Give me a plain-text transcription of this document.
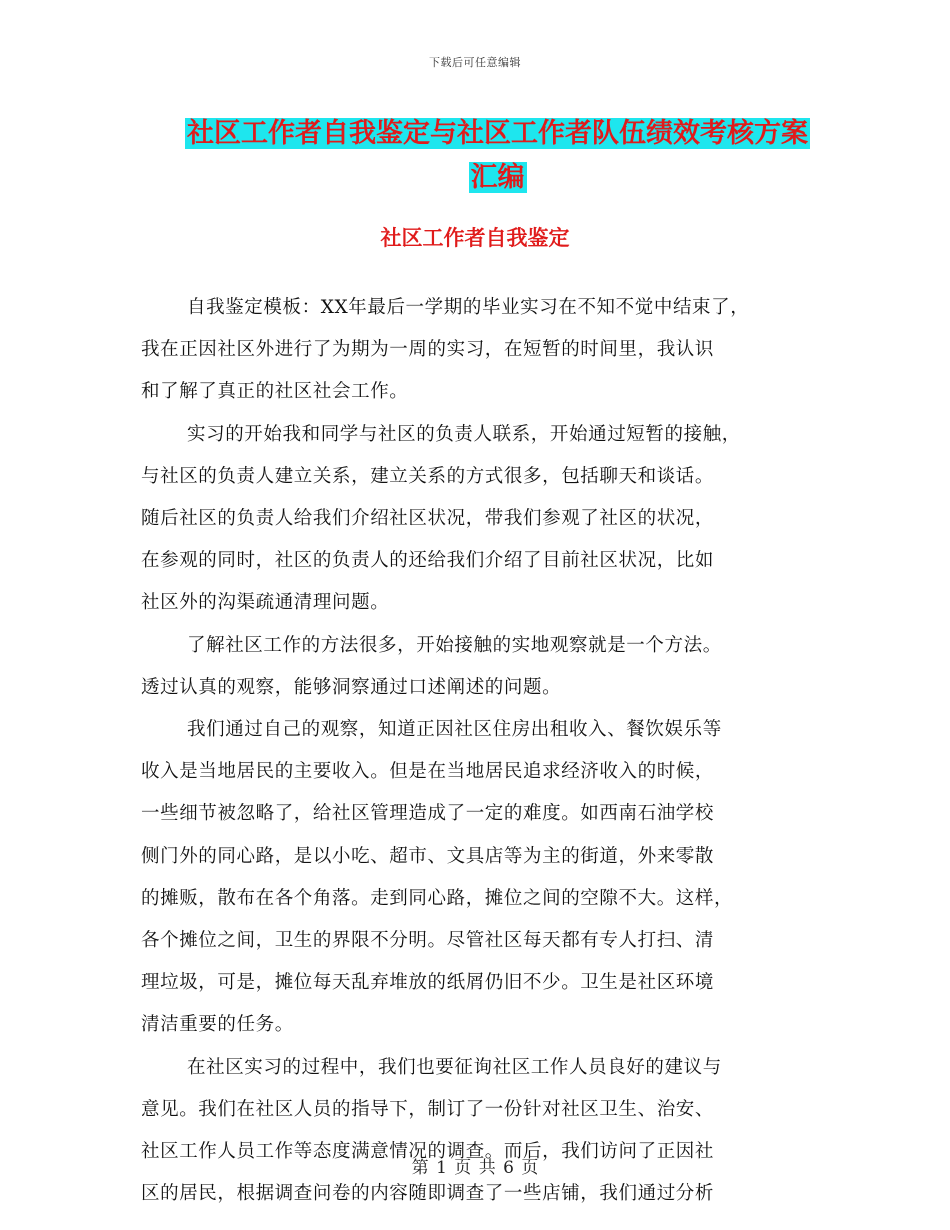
下载后可任意编辑
社区工作者自我鉴定与社区工作者队伍绩效考核方案
汇编
社区工作者自我鉴定
自我鉴定模板：XX年最后一学期的毕业实习在不知不觉中结束了，
我在正因社区外进行了为期为一周的实习，在短暂的时间里，我认识
和了解了真正的社区社会工作。
实习的开始我和同学与社区的负责人联系，开始通过短暂的接触，
与社区的负责人建立关系，建立关系的方式很多，包括聊天和谈话。
随后社区的负责人给我们介绍社区状况，带我们参观了社区的状况，
在参观的同时，社区的负责人的还给我们介绍了目前社区状况，比如
社区外的沟渠疏通清理问题。
了解社区工作的方法很多，开始接触的实地观察就是一个方法。
透过认真的观察，能够洞察通过口述阐述的问题。
我们通过自己的观察，知道正因社区住房出租收入、餐饮娱乐等
收入是当地居民的主要收入。但是在当地居民追求经济收入的时候，
一些细节被忽略了，给社区管理造成了一定的难度。如西南石油学校
侧门外的同心路，是以小吃、超市、文具店等为主的街道，外来零散
的摊贩，散布在各个角落。走到同心路，摊位之间的空隙不大。这样，
各个摊位之间，卫生的界限不分明。尽管社区每天都有专人打扫、清
理垃圾，可是，摊位每天乱弃堆放的纸屑仍旧不少。卫生是社区环境
清洁重要的任务。
在社区实习的过程中，我们也要征询社区工作人员良好的建议与
意见。我们在社区人员的指导下，制订了一份针对社区卫生、治安、
社区工作人员工作等态度满意情况的调查。而后，我们访问了正因社
区的居民，根据调查问卷的内容随即调查了一些店铺，我们通过分析
第 1 页 共 6 页
